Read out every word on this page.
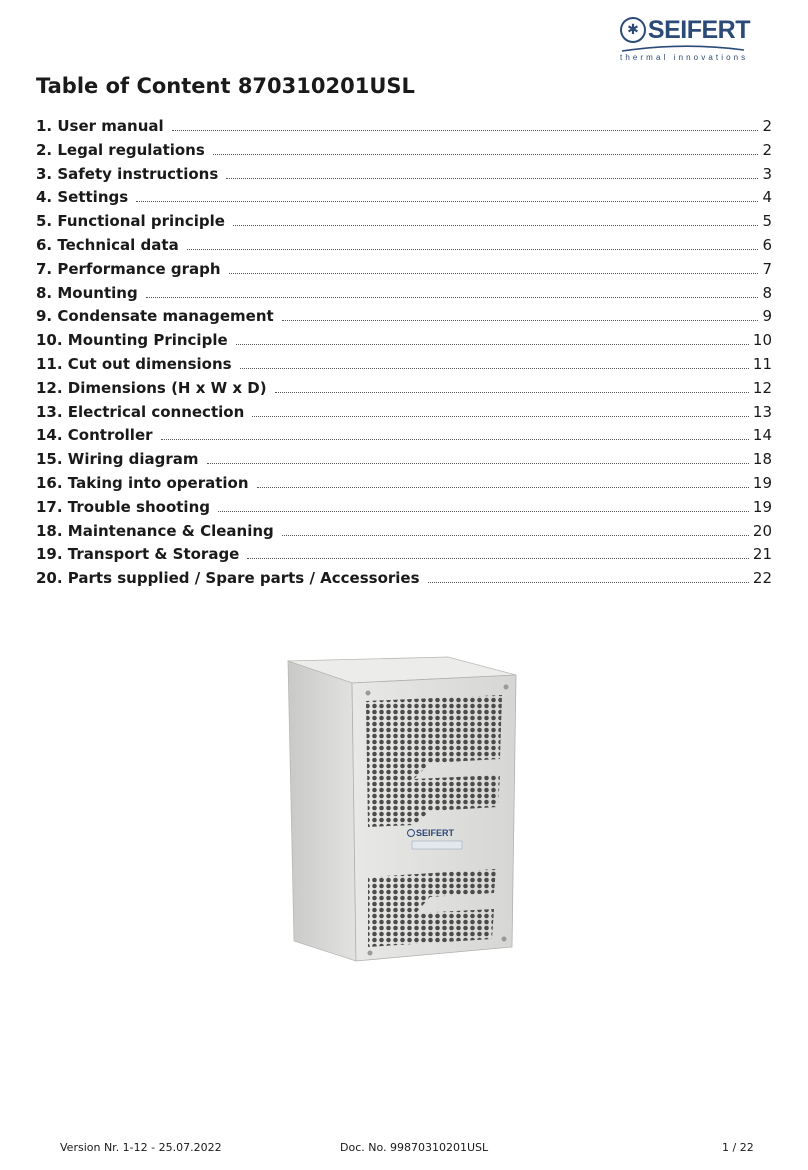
✱ SEIFERT
thermal innovations
Table of Content 870310201USL
1. User manual	2
2. Legal regulations	2
3. Safety instructions	3
4. Settings	4
5. Functional principle	5
6. Technical data	6
7. Performance graph	7
8. Mounting	8
9. Condensate management	9
10. Mounting Principle	10
11. Cut out dimensions	11
12. Dimensions (H x W x D)	12
13. Electrical connection	13
14. Controller	14
15. Wiring diagram	18
16. Taking into operation	19
17. Trouble shooting	19
18. Maintenance & Cleaning	20
19. Transport & Storage	21
20. Parts supplied / Spare parts / Accessories	22
SEIFERT
Version Nr. 1-12 - 25.07.2022	Doc. No. 99870310201USL	1 / 22
